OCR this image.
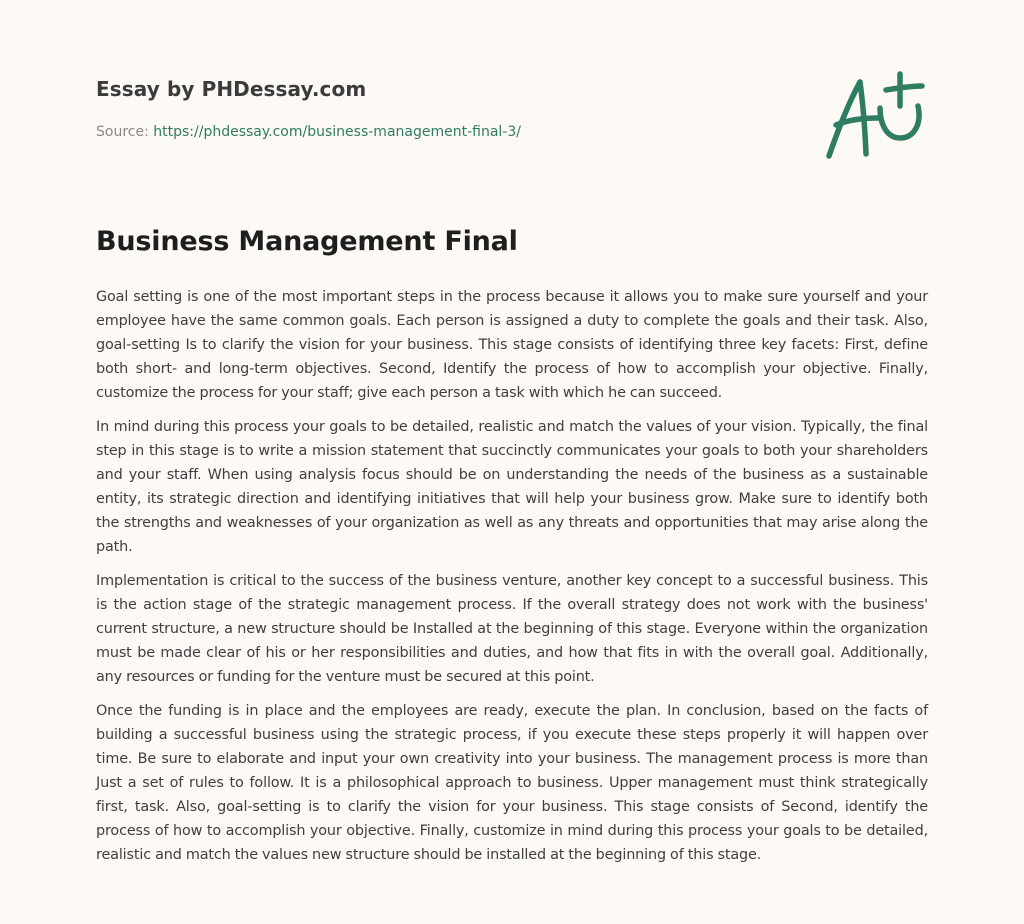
Essay by PHDessay.com
Source: https://phdessay.com/business-management-final-3/
Business Management Final

Goal setting is one of the most important steps in the process because it allows you to make sure yourself and your employee have the same common goals. Each person is assigned a duty to complete the goals and their task. Also, goal-setting Is to clarify the vision for your business. This stage consists of identifying three key facets: First, define both short- and long-term objectives. Second, Identify the process of how to accomplish your objective. Finally, customize the process for your staff; give each person a task with which he can succeed.

In mind during this process your goals to be detailed, realistic and match the values of your vision. Typically, the final step in this stage is to write a mission statement that succinctly communicates your goals to both your shareholders and your staff. When using analysis focus should be on understanding the needs of the business as a sustainable entity, its strategic direction and identifying initiatives that will help your business grow. Make sure to identify both the strengths and weaknesses of your organization as well as any threats and opportunities that may arise along the path.

Implementation is critical to the success of the business venture, another key concept to a successful business. This is the action stage of the strategic management process. If the overall strategy does not work with the business' current structure, a new structure should be Installed at the beginning of this stage. Everyone within the organization must be made clear of his or her responsibilities and duties, and how that fits in with the overall goal. Additionally, any resources or funding for the venture must be secured at this point.

Once the funding is in place and the employees are ready, execute the plan. In conclusion, based on the facts of building a successful business using the strategic process, if you execute these steps properly it will happen over time. Be sure to elaborate and input your own creativity into your business. The management process is more than Just a set of rules to follow. It is a philosophical approach to business. Upper management must think strategically first, task. Also, goal-setting is to clarify the vision for your business. This stage consists of Second, identify the process of how to accomplish your objective. Finally, customize in mind during this process your goals to be detailed, realistic and match the values new structure should be installed at the beginning of this stage.
